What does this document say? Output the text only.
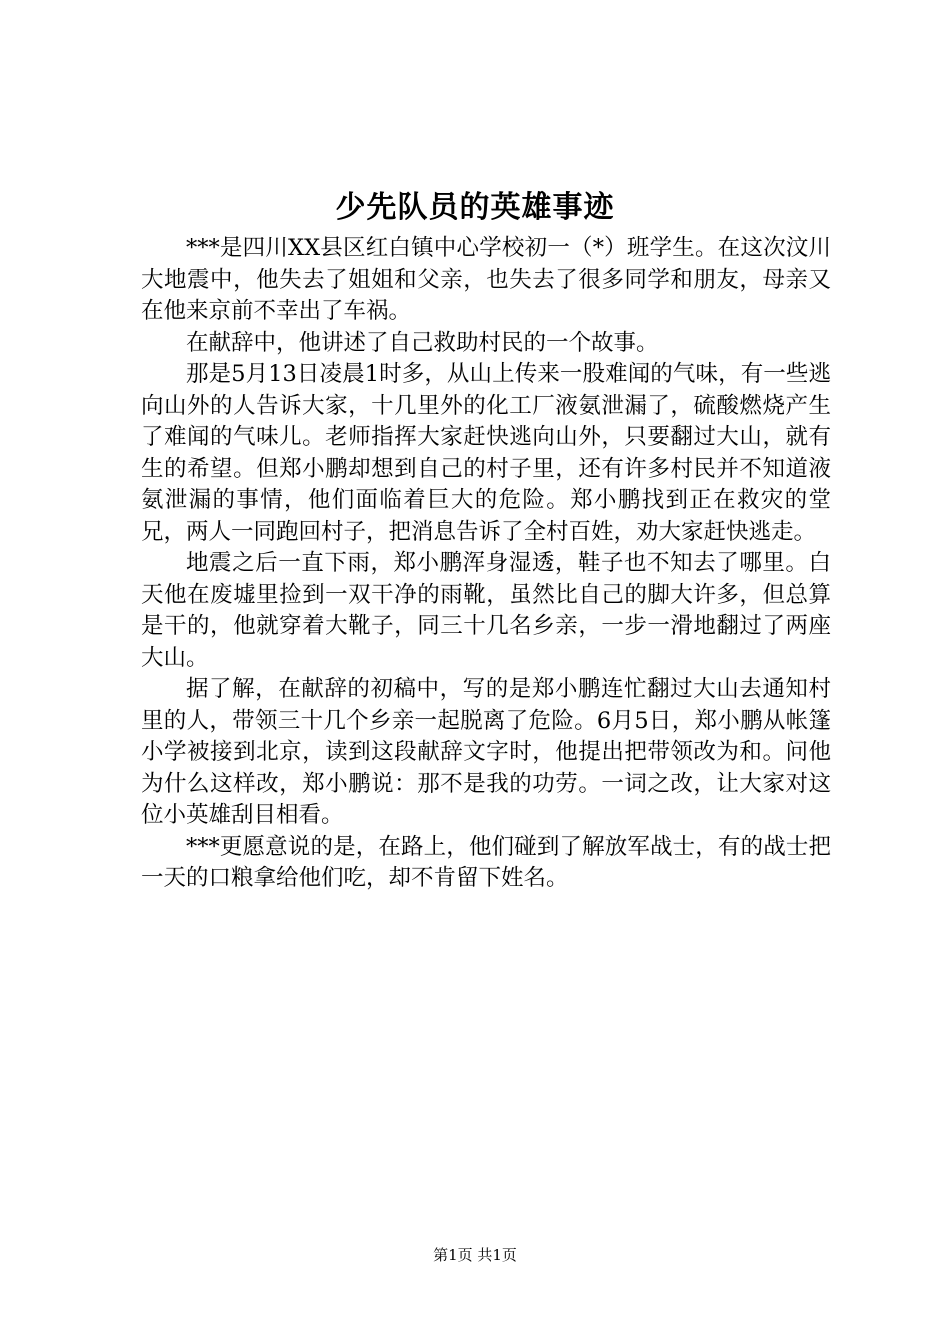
少先队员的英雄事迹

***是四川XX县区红白镇中心学校初一（*）班学生。在这次汶川大地震中，他失去了姐姐和父亲，也失去了很多同学和朋友，母亲又在他来京前不幸出了车祸。

在献辞中，他讲述了自己救助村民的一个故事。

那是5月13日凌晨1时多，从山上传来一股难闻的气味，有一些逃向山外的人告诉大家，十几里外的化工厂液氨泄漏了，硫酸燃烧产生了难闻的气味儿。老师指挥大家赶快逃向山外，只要翻过大山，就有生的希望。但郑小鹏却想到自己的村子里，还有许多村民并不知道液氨泄漏的事情，他们面临着巨大的危险。郑小鹏找到正在救灾的堂兄，两人一同跑回村子，把消息告诉了全村百姓，劝大家赶快逃走。

地震之后一直下雨，郑小鹏浑身湿透，鞋子也不知去了哪里。白天他在废墟里捡到一双干净的雨靴，虽然比自己的脚大许多，但总算是干的，他就穿着大靴子，同三十几名乡亲，一步一滑地翻过了两座大山。

据了解，在献辞的初稿中，写的是郑小鹏连忙翻过大山去通知村里的人，带领三十几个乡亲一起脱离了危险。6月5日，郑小鹏从帐篷小学被接到北京，读到这段献辞文字时，他提出把带领改为和。问他为什么这样改，郑小鹏说：那不是我的功劳。一词之改，让大家对这位小英雄刮目相看。

***更愿意说的是，在路上，他们碰到了解放军战士，有的战士把一天的口粮拿给他们吃，却不肯留下姓名。

第1页 共1页
